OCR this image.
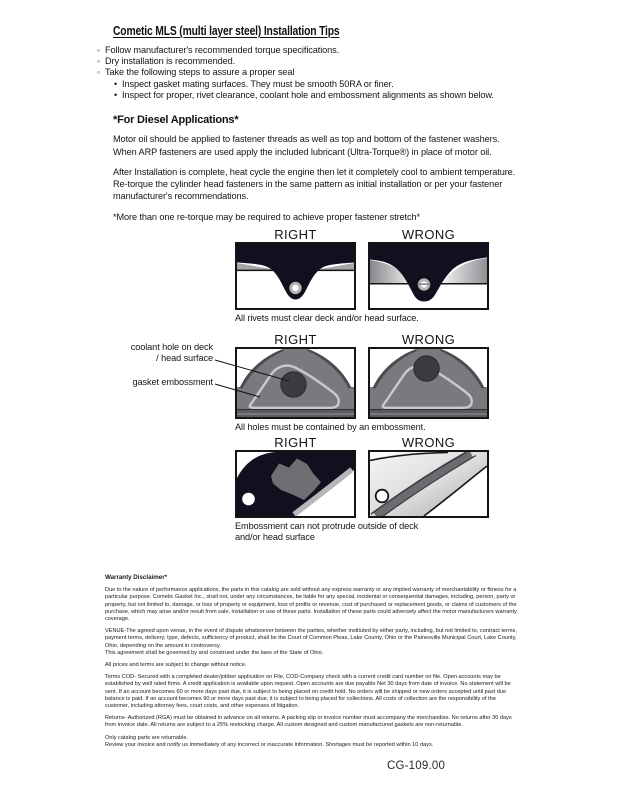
Cometic MLS (multi layer steel) Installation Tips
◦ Follow manufacturer's recommended torque specifications.
◦ Dry installation is recommended.
◦ Take the following steps to assure a proper seal
• Inspect gasket mating surfaces. They must be smooth 50RA or finer.
• Inspect for proper, rivet clearance, coolant hole and embossment alignments as shown below.
*For Diesel Applications*

Motor oil should be applied to fastener threads as well as top and bottom of the fastener washers. When ARP fasteners are used apply the included lubricant (Ultra-Torque®) in place of motor oil.

After Installation is complete, heat cycle the engine then let it completely cool to ambient temperature. Re-torque the cylinder head fasteners in the same pattern as initial installation or per your fastener manufacturer's recommendations.

*More than one re-torque may be required to achieve proper fastener stretch*

RIGHT	WRONG
All rivets must clear deck and/or head surface.
RIGHT	WRONG
All holes must be contained by an embossment.
RIGHT	WRONG
Embossment can not protrude outside of deck and/or head surface
coolant hole on deck / head surface
gasket embossment
Warranty Disclaimer*

Due to the nature of performance applications, the parts in this catalog are sold without any express warranty or any implied warranty of merchantability or fitness for a particular purpose. Cometic Gasket Inc., shall not, under any circumstances, be liable for any special, incidental or consequential damages, including, person, party or property, but not limited to, damage, or loss of property or equipment, loss of profits or revenue, cost of purchased or replacement goods, or claims of customers of the purchase, which may arise and/or result from sale, installation or use of these parts. Installation of these parts could adversely affect the motor manufacturers warranty coverage.

VENUE-The agreed upon venue, in the event of dispute whatsoever between the parties, whether instituted by either party, including, but not limited to, contract terms, payment terms, delivery, type, defects, sufficiency of product, shall be the Court of Common Pleas, Lake County, Ohio or the Painesville Municipal Court, Lake County, Ohio, depending on the amount in controversy.
This agreement shall be governed by and construed under the laws of the State of Ohio.

All prices and terms are subject to change without notice.

Terms COD- Secured with a completed dealer/jobber application on File, COD-Company check with a current credit card number on file. Open accounts may be established by well rated firms. A credit application is available upon request. Open accounts are due payable Net 30 days from date of invoice. No statement will be sent. If an account becomes 60 or more days past due, it is subject to being placed on credit hold. No orders will be shipped or new orders accepted until past due balance is paid. If an account becomes 90 or more days past due, it is subject to being placed for collections. All costs of collection are the responsibility of the customer, including attorney fees, court costs, and other expenses of litigation.

Returns- Authorized (RGA) must be obtained in advance on all returns. A packing slip or invoice number must accompany the merchandise. No returns after 30 days from invoice date. All returns are subject to a 25% restocking charge. All custom designed and custom manufactured gaskets are non-returnable.

Only catalog parts are returnable.
Review your invoice and notify us immediately of any incorrect or inaccurate information. Shortages must be reported within 10 days.

CG-109.00
